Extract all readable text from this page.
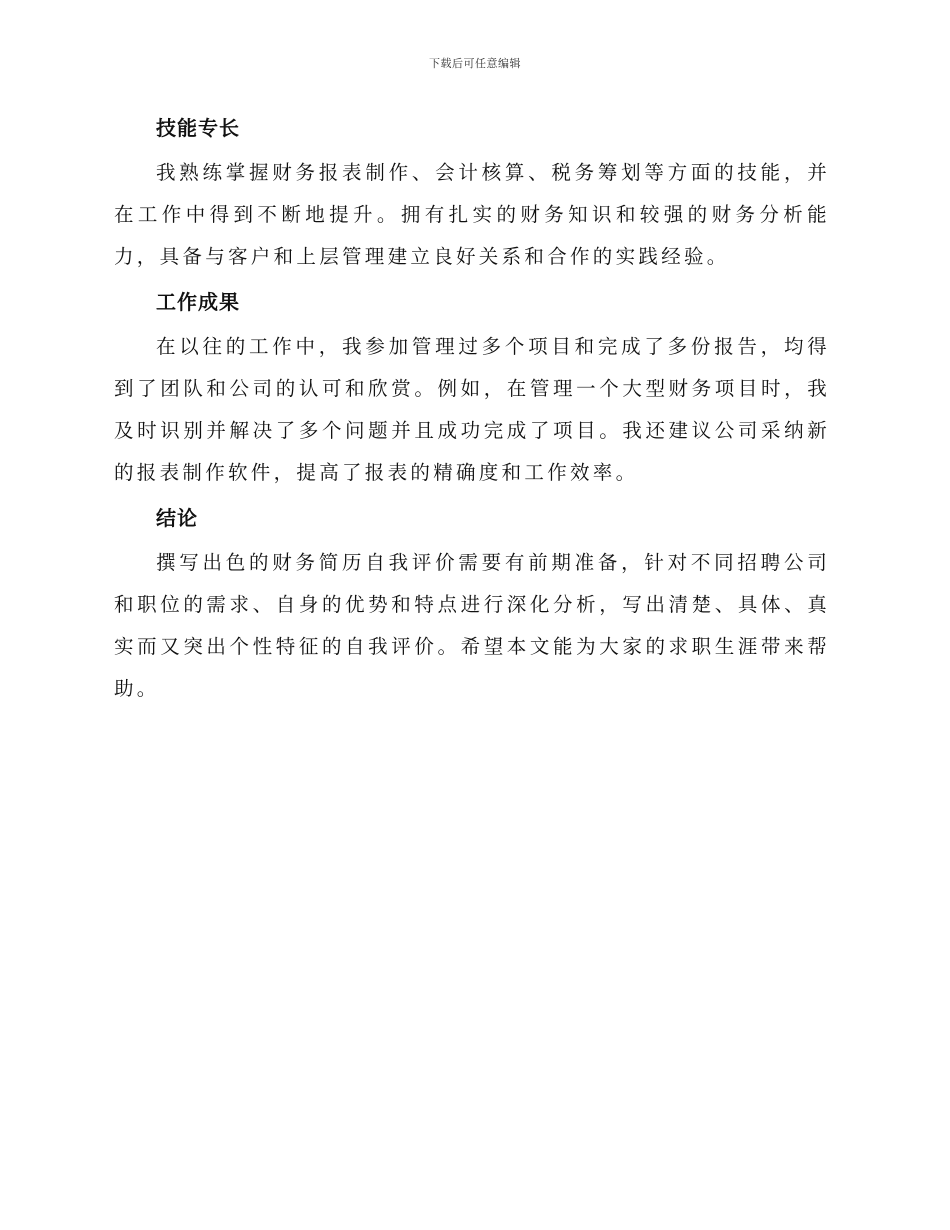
下载后可任意编辑
技能专长

我熟练掌握财务报表制作、会计核算、税务筹划等方面的技能，并在工作中得到不断地提升。拥有扎实的财务知识和较强的财务分析能力，具备与客户和上层管理建立良好关系和合作的实践经验。

工作成果

在以往的工作中，我参加管理过多个项目和完成了多份报告，均得到了团队和公司的认可和欣赏。例如，在管理一个大型财务项目时，我及时识别并解决了多个问题并且成功完成了项目。我还建议公司采纳新的报表制作软件，提高了报表的精确度和工作效率。

结论

撰写出色的财务简历自我评价需要有前期准备，针对不同招聘公司和职位的需求、自身的优势和特点进行深化分析，写出清楚、具体、真实而又突出个性特征的自我评价。希望本文能为大家的求职生涯带来帮助。
